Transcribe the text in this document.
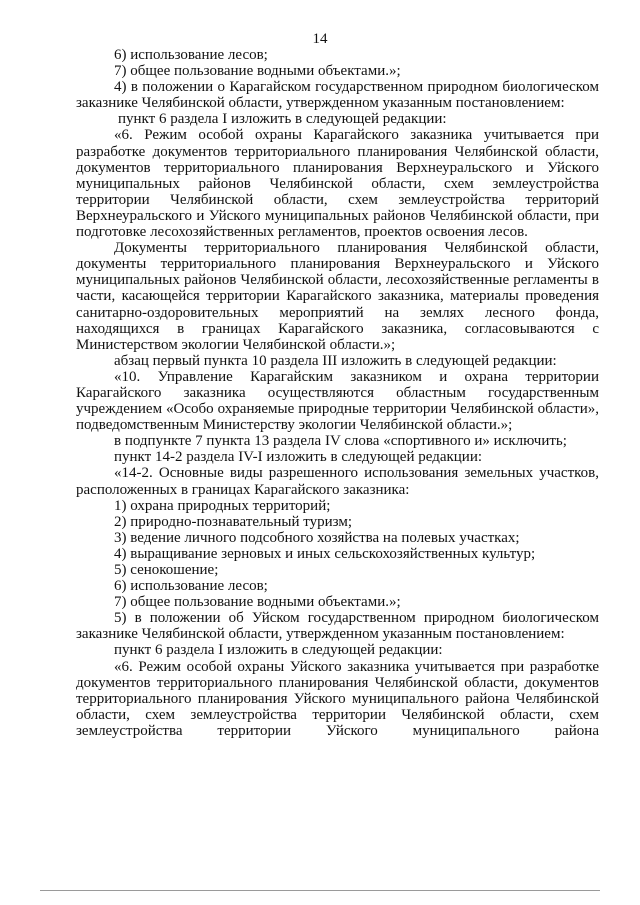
14

6) использование лесов;

7) общее пользование водными объектами.»;

4) в положении о Карагайском государственном природном биологическом заказнике Челябинской области, утвержденном указанным постановлением:

пункт 6 раздела I изложить в следующей редакции:

«6. Режим особой охраны Карагайского заказника учитывается при разработке документов территориального планирования Челябинской области, документов территориального планирования Верхнеуральского и Уйского муниципальных районов Челябинской области, схем землеустройства территории Челябинской области, схем землеустройства территорий Верхнеуральского и Уйского муниципальных районов Челябинской области, при подготовке лесохозяйственных регламентов, проектов освоения лесов.

Документы территориального планирования Челябинской области, документы территориального планирования Верхнеуральского и Уйского муниципальных районов Челябинской области, лесохозяйственные регламенты в части, касающейся территории Карагайского заказника, материалы проведения санитарно-оздоровительных мероприятий на землях лесного фонда, находящихся в границах Карагайского заказника, согласовываются с Министерством экологии Челябинской области.»;

абзац первый пункта 10 раздела III изложить в следующей редакции:

«10. Управление Карагайским заказником и охрана территории Карагайского заказника осуществляются областным государственным учреждением «Особо охраняемые природные территории Челябинской области», подведомственным Министерству экологии Челябинской области.»;

в подпункте 7 пункта 13 раздела IV слова «спортивного и» исключить;

пункт 14-2 раздела IV-I изложить в следующей редакции:

«14-2. Основные виды разрешенного использования земельных участков, расположенных в границах Карагайского заказника:

1) охрана природных территорий;

2) природно-познавательный туризм;

3) ведение личного подсобного хозяйства на полевых участках;

4) выращивание зерновых и иных сельскохозяйственных культур;

5) сенокошение;

6) использование лесов;

7) общее пользование водными объектами.»;

5) в положении об Уйском государственном природном биологическом заказнике Челябинской области, утвержденном указанным постановлением:

пункт 6 раздела I изложить в следующей редакции:

«6. Режим особой охраны Уйского заказника учитывается при разработке документов территориального планирования Челябинской области, документов территориального планирования Уйского муниципального района Челябинской области, схем землеустройства территории Челябинской области, схем землеустройства территории Уйского муниципального района
